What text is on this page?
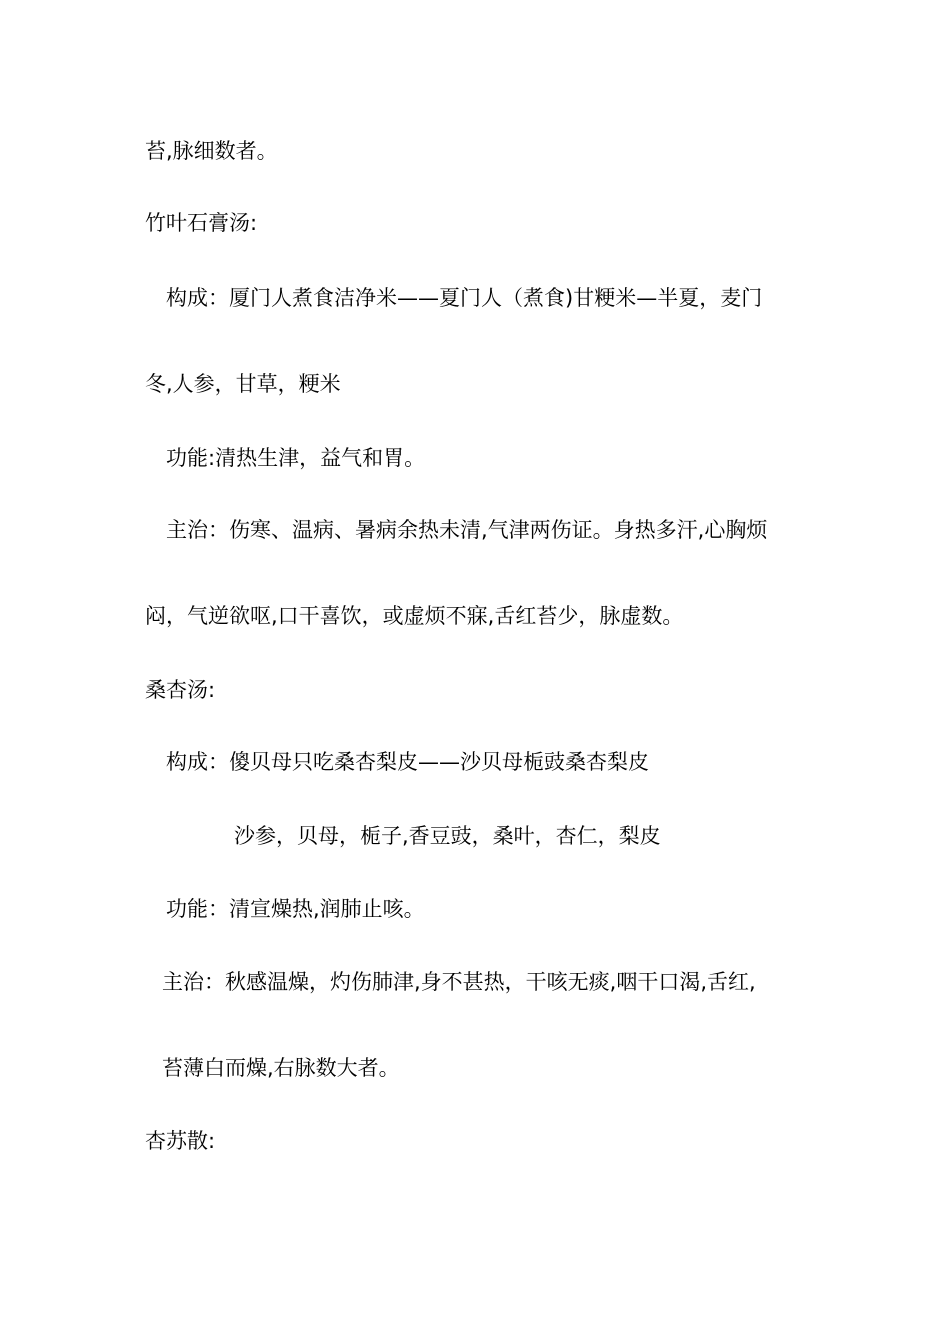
苔,脉细数者。
竹叶石膏汤:
构成：厦门人煮食洁净米——夏门人（煮食)甘粳米—半夏，麦门
冬,人参，甘草，粳米
功能:清热生津，益气和胃。
主治：伤寒、温病、暑病余热未清,气津两伤证。身热多汗,心胸烦
闷，气逆欲呕,口干喜饮，或虚烦不寐,舌红苔少，脉虚数。
桑杏汤:
构成：傻贝母只吃桑杏梨皮——沙贝母栀豉桑杏梨皮
沙参，贝母，栀子,香豆豉，桑叶，杏仁，梨皮
功能：清宣燥热,润肺止咳。
主治：秋感温燥，灼伤肺津,身不甚热，干咳无痰,咽干口渴,舌红,
苔薄白而燥,右脉数大者。
杏苏散:
